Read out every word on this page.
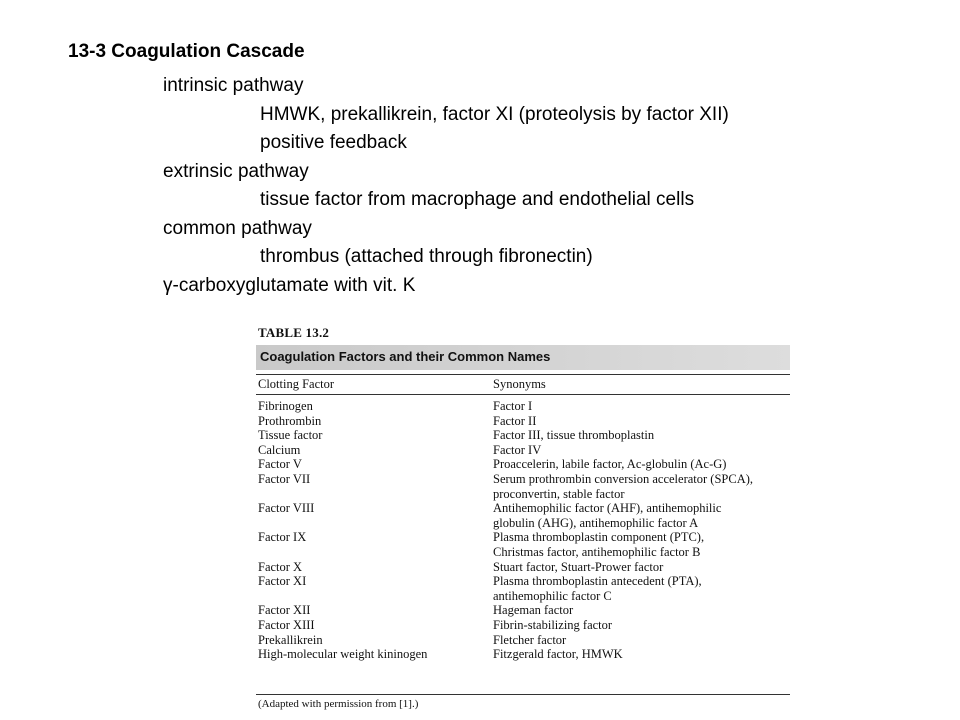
13-3 Coagulation Cascade
intrinsic pathway
HMWK, prekallikrein, factor XI (proteolysis by factor XII)
positive feedback
extrinsic pathway
tissue factor from macrophage and endothelial cells
common pathway
thrombus (attached through fibronectin)
γ-carboxyglutamate with vit. K
TABLE 13.2
Coagulation Factors and their Common Names
Clotting Factor	Synonyms
Fibrinogen	Factor I
Prothrombin	Factor II
Tissue factor	Factor III, tissue thromboplastin
Calcium	Factor IV
Factor V	Proaccelerin, labile factor, Ac-globulin (Ac-G)
Factor VII	Serum prothrombin conversion accelerator (SPCA),
proconvertin, stable factor
Factor VIII	Antihemophilic factor (AHF), antihemophilic
globulin (AHG), antihemophilic factor A
Factor IX	Plasma thromboplastin component (PTC),
Christmas factor, antihemophilic factor B
Factor X	Stuart factor, Stuart-Prower factor
Factor XI	Plasma thromboplastin antecedent (PTA),
antihemophilic factor C
Factor XII	Hageman factor
Factor XIII	Fibrin-stabilizing factor
Prekallikrein	Fletcher factor
High-molecular weight kininogen	Fitzgerald factor, HMWK
(Adapted with permission from [1].)
